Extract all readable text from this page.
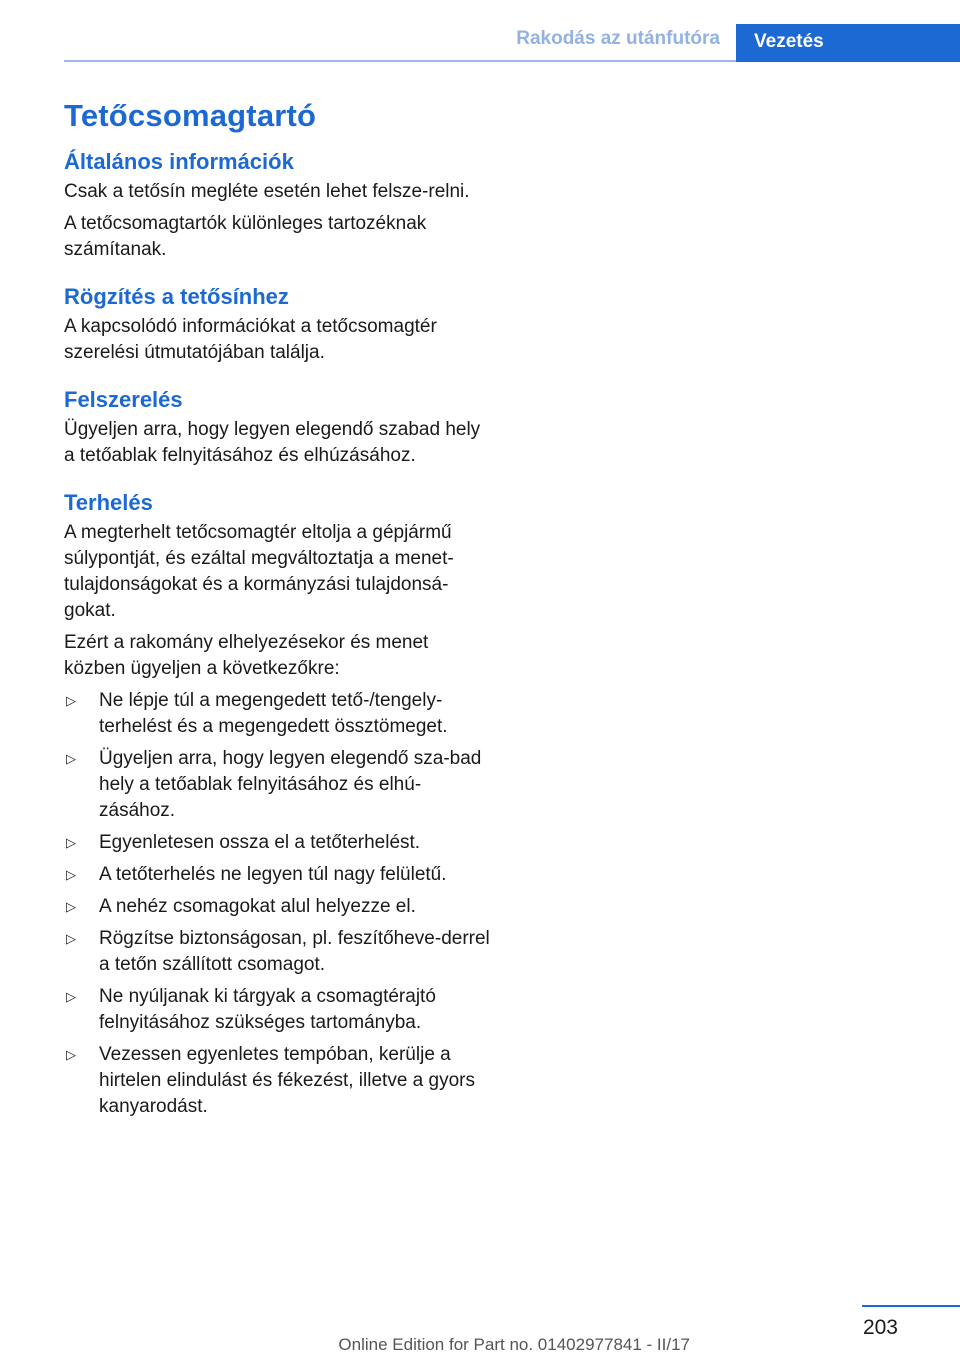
Rakodás az utánfutóra	Vezetés
Tetőcsomagtartó
Általános információk

Csak a tetősín megléte esetén lehet felsze-relni.

A tetőcsomagtartók különleges tartozéknak számítanak.

Rögzítés a tetősínhez

A kapcsolódó információkat a tetőcsomagtér szerelési útmutatójában találja.

Felszerelés

Ügyeljen arra, hogy legyen elegendő szabad hely a tetőablak felnyitásához és elhúzásához.

Terhelés

A megterhelt tetőcsomagtér eltolja a gépjármű súlypontját, és ezáltal megváltoztatja a menet-tulajdonságokat és a kormányzási tulajdonsá-gokat.

Ezért a rakomány elhelyezésekor és menet közben ügyeljen a következőkre:

▷ Ne lépje túl a megengedett tető-/tengely-terhelést és a megengedett össztömeget.
▷ Ügyeljen arra, hogy legyen elegendő sza-bad hely a tetőablak felnyitásához és elhú-zásához.
▷ Egyenletesen ossza el a tetőterhelést.
▷ A tetőterhelés ne legyen túl nagy felületű.
▷ A nehéz csomagokat alul helyezze el.
▷ Rögzítse biztonságosan, pl. feszítőheve-derrel a tetőn szállított csomagot.
▷ Ne nyúljanak ki tárgyak a csomagtérajtó felnyitásához szükséges tartományba.
▷ Vezessen egyenletes tempóban, kerülje a hirtelen elindulást és fékezést, illetve a gyors kanyarodást.
203
Online Edition for Part no. 01402977841 - II/17
